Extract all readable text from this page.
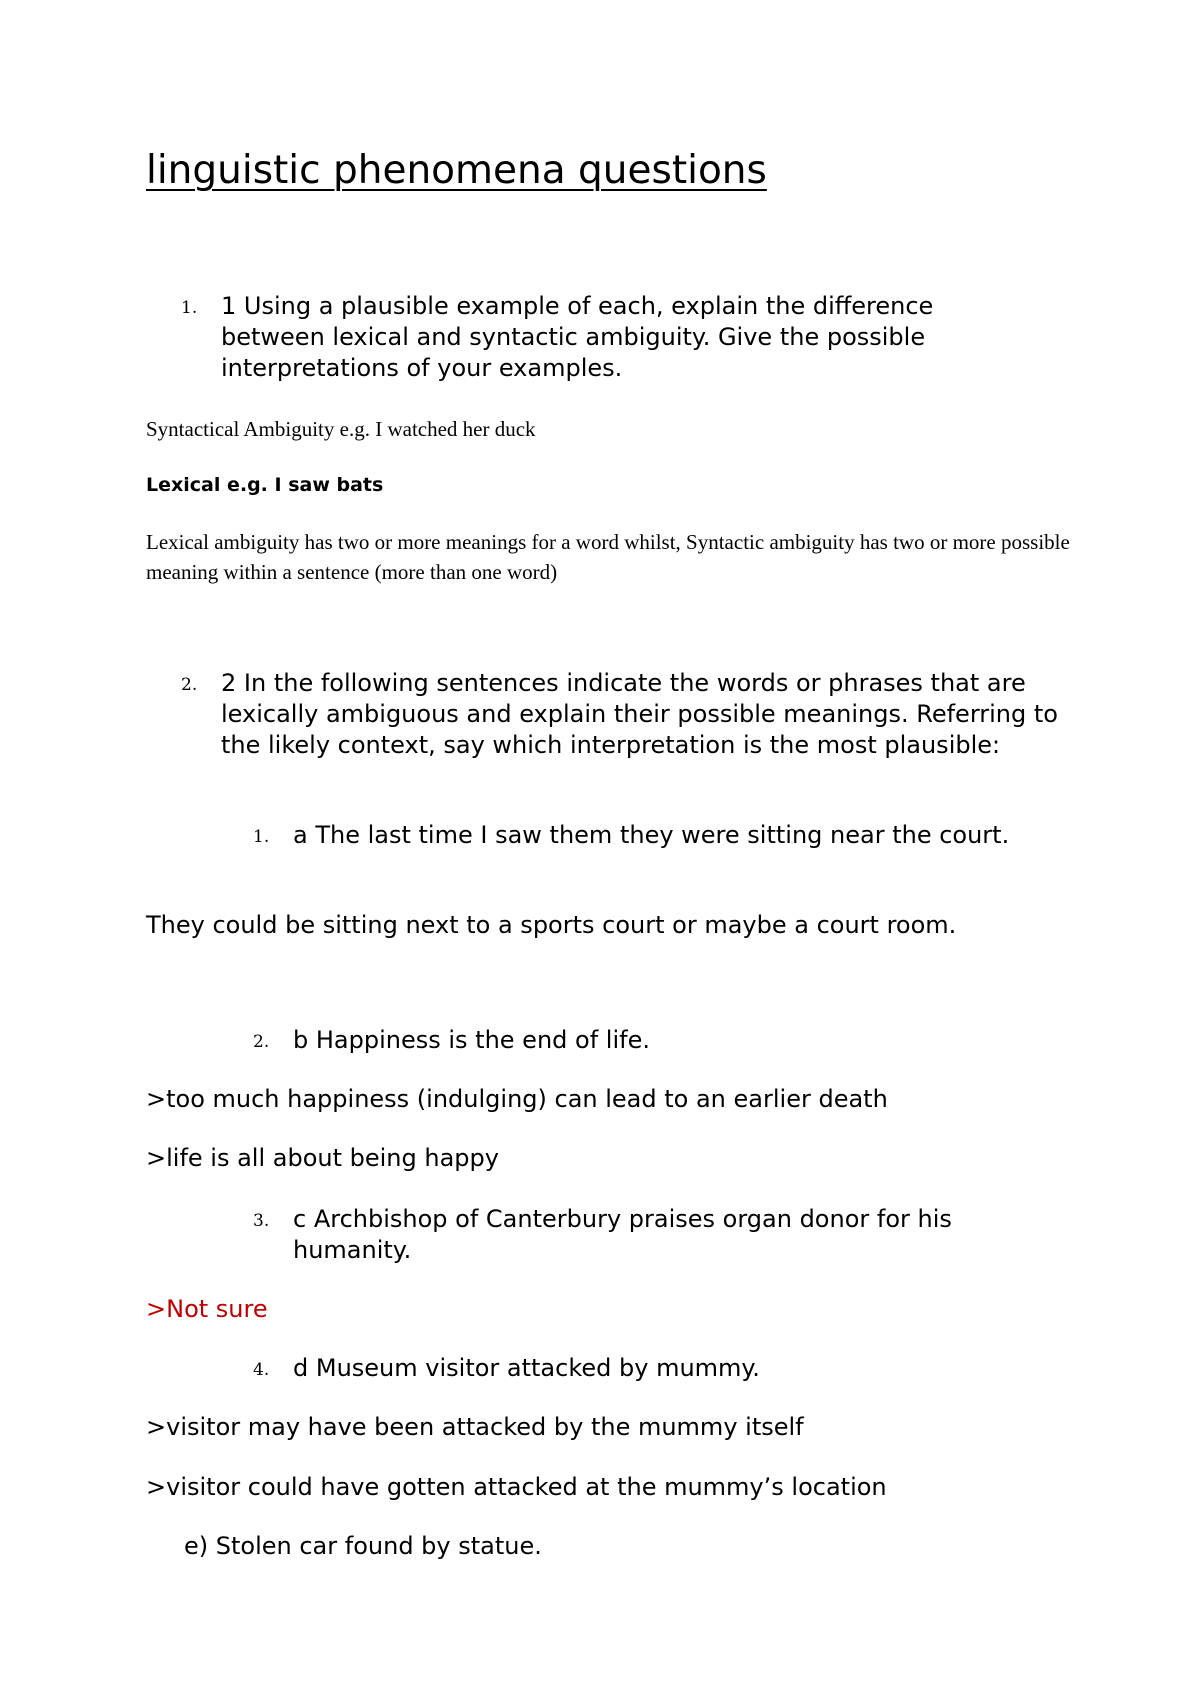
linguistic phenomena questions
1. 1 Using a plausible example of each, explain the difference between lexical and syntactic ambiguity. Give the possible interpretations of your examples.

Syntactical Ambiguity e.g. I watched her duck

Lexical e.g. I saw bats

Lexical ambiguity has two or more meanings for a word whilst, Syntactic ambiguity has two or more possible meaning within a sentence (more than one word)

2. 2 In the following sentences indicate the words or phrases that are lexically ambiguous and explain their possible meanings. Referring to the likely context, say which interpretation is the most plausible:
1. a The last time I saw them they were sitting near the court.

They could be sitting next to a sports court or maybe a court room.

2. b Happiness is the end of life.

>too much happiness (indulging) can lead to an earlier death

>life is all about being happy

3. c Archbishop of Canterbury praises organ donor for his humanity.

>Not sure

4. d Museum visitor attacked by mummy.

>visitor may have been attacked by the mummy itself

>visitor could have gotten attacked at the mummy’s location

e) Stolen car found by statue.
